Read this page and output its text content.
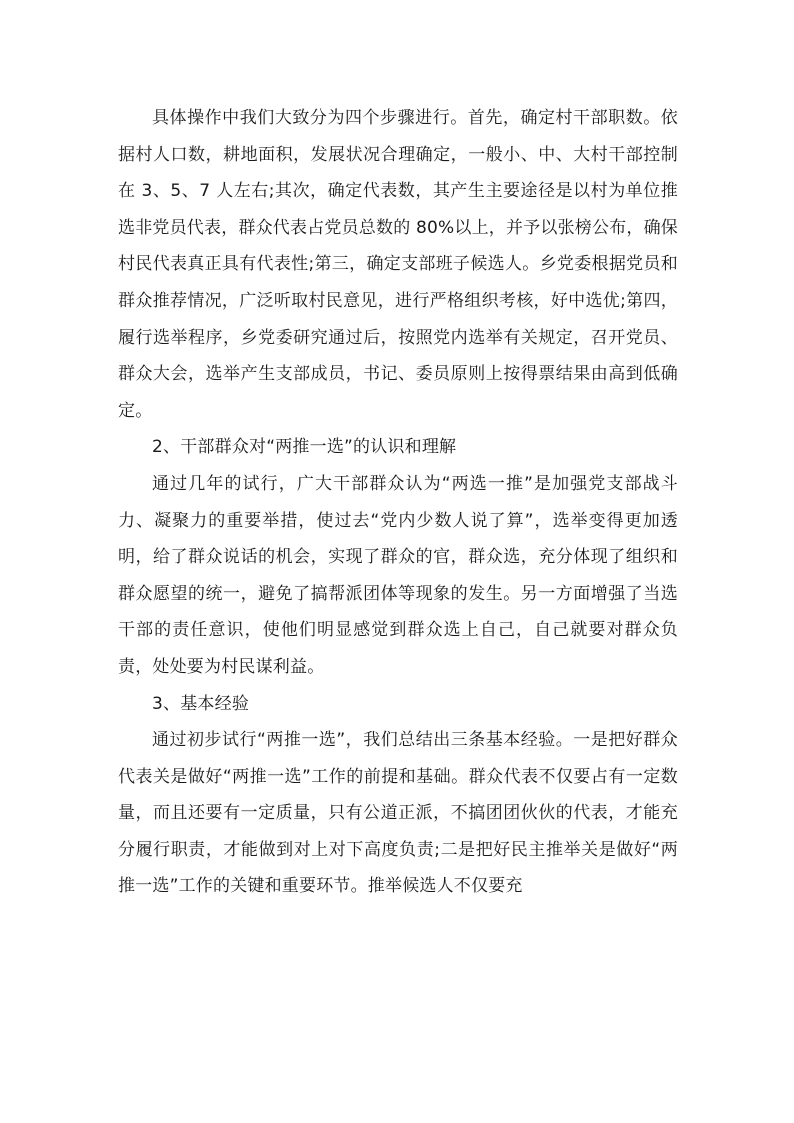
具体操作中我们大致分为四个步骤进行。首先，确定村干部职数。依据村人口数，耕地面积，发展状况合理确定，一般小、中、大村干部控制在 3、5、7 人左右;其次，确定代表数，其产生主要途径是以村为单位推选非党员代表，群众代表占党员总数的 80%以上，并予以张榜公布，确保村民代表真正具有代表性;第三，确定支部班子候选人。乡党委根据党员和群众推荐情况，广泛听取村民意见，进行严格组织考核，好中选优;第四，履行选举程序，乡党委研究通过后，按照党内选举有关规定，召开党员、群众大会，选举产生支部成员，书记、委员原则上按得票结果由高到低确定。

2、干部群众对“两推一选”的认识和理解

通过几年的试行，广大干部群众认为“两选一推”是加强党支部战斗力、凝聚力的重要举措，使过去“党内少数人说了算”，选举变得更加透明，给了群众说话的机会，实现了群众的官，群众选，充分体现了组织和群众愿望的统一，避免了搞帮派团体等现象的发生。另一方面增强了当选干部的责任意识，使他们明显感觉到群众选上自己，自己就要对群众负责，处处要为村民谋利益。

3、基本经验

通过初步试行“两推一选”，我们总结出三条基本经验。一是把好群众代表关是做好“两推一选”工作的前提和基础。群众代表不仅要占有一定数量，而且还要有一定质量，只有公道正派，不搞团团伙伙的代表，才能充分履行职责，才能做到对上对下高度负责;二是把好民主推举关是做好“两推一选”工作的关键和重要环节。推举候选人不仅要充
